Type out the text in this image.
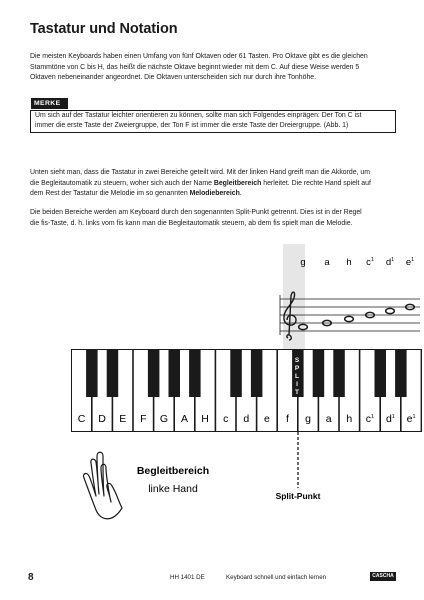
Tastatur und Notation
Die meisten Keyboards haben einen Umfang von fünf Oktaven oder 61 Tasten. Pro Oktave gibt es die gleichen
Stammtöne von C bis H, das heißt die nächste Oktave beginnt wieder mit dem C. Auf diese Weise werden 5
Oktaven nebeneinander angeordnet. Die Oktaven unterscheiden sich nur durch ihre Tonhöhe.
MERKE
Um sich auf der Tastatur leichter orientieren zu können, sollte man sich Folgendes einprägen: Der Ton C ist
immer die erste Taste der Zweiergruppe, der Ton F ist immer die erste Taste der Dreiergruppe. (Abb. 1)
Unten sieht man, dass die Tastatur in zwei Bereiche geteilt wird. Mit der linken Hand greift man die Akkorde, um
die Begleitautomatik zu steuern, woher sich auch der Name Begleitbereich herleitet. Die rechte Hand spielt auf
dem Rest der Tastatur die Melodie im so genannten Melodiebereich.
Die beiden Bereiche werden am Keyboard durch den sogenannten Split-Punkt getrennt. Dies ist in der Regel
die fis-Taste, d. h. links vom fis kann man die Begleitautomatik steuern, ab dem fis spielt man die Melodie.
g a h $c^1$ $d^1$ $e^1$
C D E F G A H c d e f g a h $c^1$ $d^1$ $e^1$
S
P
L
I
T
Split-Punkt
Begleitbereich
linke Hand
8	HH 1401 DE	Keyboard schnell und einfach lernen	CASCHA
